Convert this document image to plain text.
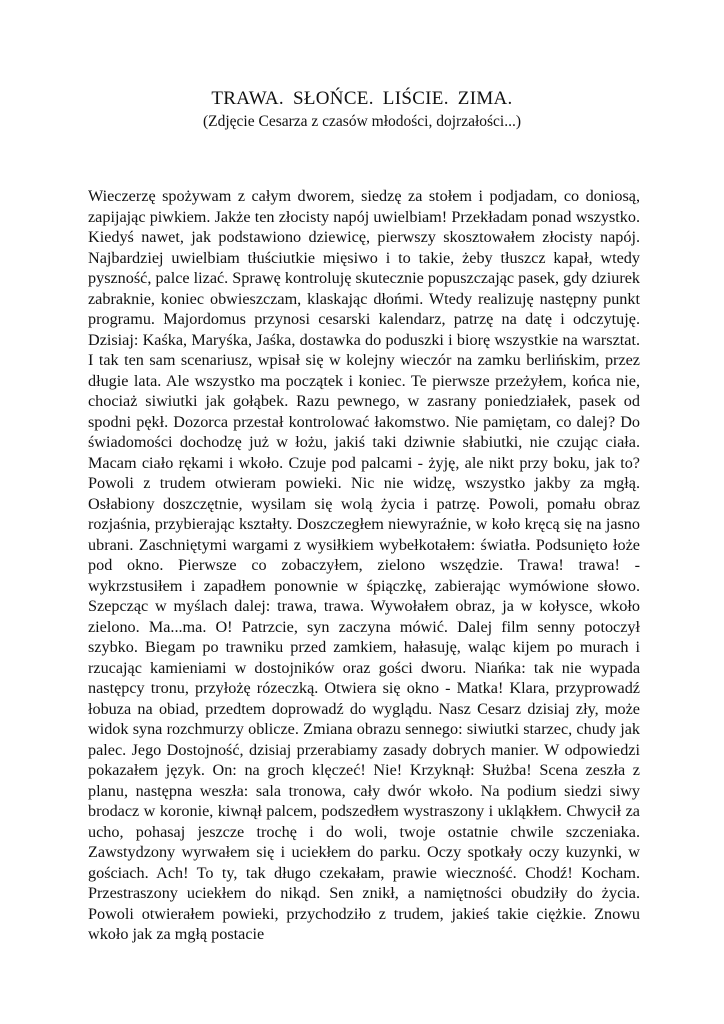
TRAWA. SŁOŃCE. LIŚCIE. ZIMA.

(Zdjęcie Cesarza z czasów młodości, dojrzałości...)

Wieczerzę spożywam z całym dworem, siedzę za stołem i podjadam, co doniosą, zapijając piwkiem. Jakże ten złocisty napój uwielbiam! Przekładam ponad wszystko. Kiedyś nawet, jak podstawiono dziewicę, pierwszy skosztowałem złocisty napój. Najbardziej uwielbiam tłuściutkie mięsiwo i to takie, żeby tłuszcz kapał, wtedy pyszność, palce lizać. Sprawę kontroluję skutecznie popuszczając pasek, gdy dziurek zabraknie, koniec obwieszczam, klaskając dłońmi. Wtedy realizuję następny punkt programu. Majordomus przynosi cesarski kalendarz, patrzę na datę i odczytuję. Dzisiaj: Kaśka, Maryśka, Jaśka, dostawka do poduszki i biorę wszystkie na warsztat. I tak ten sam scenariusz, wpisał się w kolejny wieczór na zamku berlińskim, przez długie lata. Ale wszystko ma początek i koniec. Te pierwsze przeżyłem, końca nie, chociaż siwiutki jak gołąbek. Razu pewnego, w zasrany poniedziałek, pasek od spodni pękł. Dozorca przestał kontrolować łakomstwo. Nie pamiętam, co dalej? Do świadomości dochodzę już w łożu, jakiś taki dziwnie słabiutki, nie czując ciała. Macam ciało rękami i wkoło. Czuje pod palcami - żyję, ale nikt przy boku, jak to? Powoli z trudem otwieram powieki. Nic nie widzę, wszystko jakby za mgłą. Osłabiony doszczętnie, wysilam się wolą życia i patrzę. Powoli, pomału obraz rozjaśnia, przybierając kształty. Doszczegłem niewyraźnie, w koło kręcą się na jasno ubrani. Zaschniętymi wargami z wysiłkiem wybełkotałem: światła. Podsunięto łoże pod okno. Pierwsze co zobaczyłem, zielono wszędzie. Trawa! trawa! - wykrzstusiłem i zapadłem ponownie w śpiączkę, zabierając wymówione słowo. Szepcząc w myślach dalej: trawa, trawa. Wywołałem obraz, ja w kołysce, wkoło zielono. Ma...ma. O! Patrzcie, syn zaczyna mówić. Dalej film senny potoczył szybko. Biegam po trawniku przed zamkiem, hałasuję, waląc kijem po murach i rzucając kamieniami w dostojników oraz gości dworu. Niańka: tak nie wypada następcy tronu, przyłożę rózeczką. Otwiera się okno - Matka! Klara, przyprowadź łobuza na obiad, przedtem doprowadź do wyglądu. Nasz Cesarz dzisiaj zły, może widok syna rozchmurzy oblicze. Zmiana obrazu sennego: siwiutki starzec, chudy jak palec. Jego Dostojność, dzisiaj przerabiamy zasady dobrych manier. W odpowiedzi pokazałem język. On: na groch klęczeć! Nie! Krzyknął: Służba! Scena zeszła z planu, następna weszła: sala tronowa, cały dwór wkoło. Na podium siedzi siwy brodacz w koronie, kiwnął palcem, podszedłem wystraszony i ukląkłem. Chwycił za ucho, pohasaj jeszcze trochę i do woli, twoje ostatnie chwile szczeniaka. Zawstydzony wyrwałem się i uciekłem do parku. Oczy spotkały oczy kuzynki, w gościach. Ach! To ty, tak długo czekałam, prawie wieczność. Chodź! Kocham. Przestraszony uciekłem do nikąd. Sen znikł, a namiętności obudziły do życia. Powoli otwierałem powieki, przychodziło z trudem, jakieś takie ciężkie. Znowu wkoło jak za mgłą postacie
